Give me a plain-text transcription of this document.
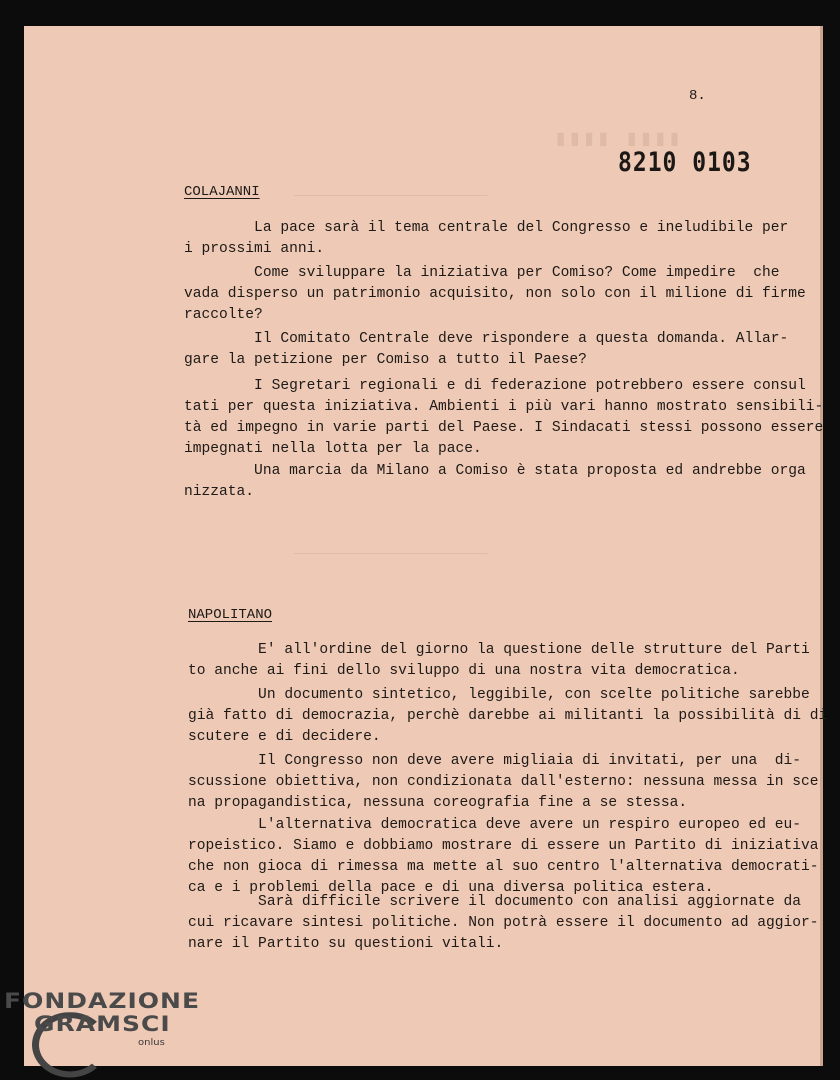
▮▮▮▮ ▮▮▮▮
———————————————————————
———————————————————————
8.
8210 0103
COLAJANNI

La pace sarà il tema centrale del Congresso e ineludibile per
i prossimi anni.

Come sviluppare la iniziativa per Comiso? Come impedire  che
vada disperso un patrimonio acquisito, non solo con il milione di firme
raccolte?

Il Comitato Centrale deve rispondere a questa domanda. Allar-
gare la petizione per Comiso a tutto il Paese?

I Segretari regionali e di federazione potrebbero essere consul
tati per questa iniziativa. Ambienti i più vari hanno mostrato sensibili-
tà ed impegno in varie parti del Paese. I Sindacati stessi possono essere
impegnati nella lotta per la pace.

Una marcia da Milano a Comiso è stata proposta ed andrebbe orga
nizzata.

NAPOLITANO

E' all'ordine del giorno la questione delle strutture del Parti
to anche ai fini dello sviluppo di una nostra vita democratica.

Un documento sintetico, leggibile, con scelte politiche sarebbe
già fatto di democrazia, perchè darebbe ai militanti la possibilità di di
scutere e di decidere.

Il Congresso non deve avere migliaia di invitati, per una  di-
scussione obiettiva, non condizionata dall'esterno: nessuna messa in sce
na propagandistica, nessuna coreografia fine a se stessa.

L'alternativa democratica deve avere un respiro europeo ed eu-
ropeistico. Siamo e dobbiamo mostrare di essere un Partito di iniziativa
che non gioca di rimessa ma mette al suo centro l'alternativa democrati-
ca e i problemi della pace e di una diversa politica estera.

Sarà difficile scrivere il documento con analisi aggiornate da
cui ricavare sintesi politiche. Non potrà essere il documento ad aggior-
nare il Partito su questioni vitali.

FONDAZIONE
GRAMSCI
onlus
